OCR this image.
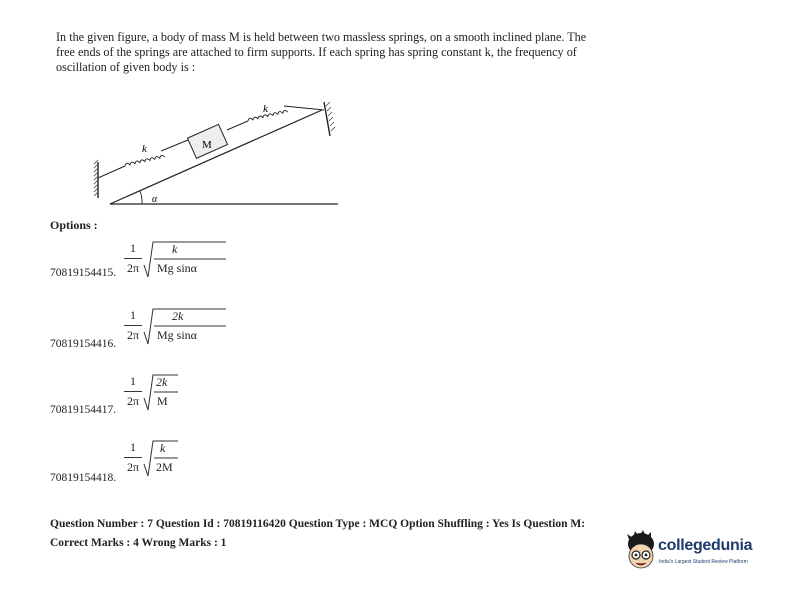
In the given figure, a body of mass M is held between two massless springs, on a smooth inclined plane. The free ends of the springs are attached to firm supports. If each spring has spring constant k, the frequency of oscillation of given body is :
k	M
k
α
Options :
70819154415.
1
2π
k
Mg sinα
70819154416.
1
2π
2k
Mg sinα
70819154417.
1
2π
2k
M
70819154418.
1
2π
k
2M
Question Number : 7 Question Id : 70819116420 Question Type : MCQ Option Shuffling : Yes Is Question M:
Correct Marks : 4 Wrong Marks : 1	collegedunia
India's Largest Student Review Platform
